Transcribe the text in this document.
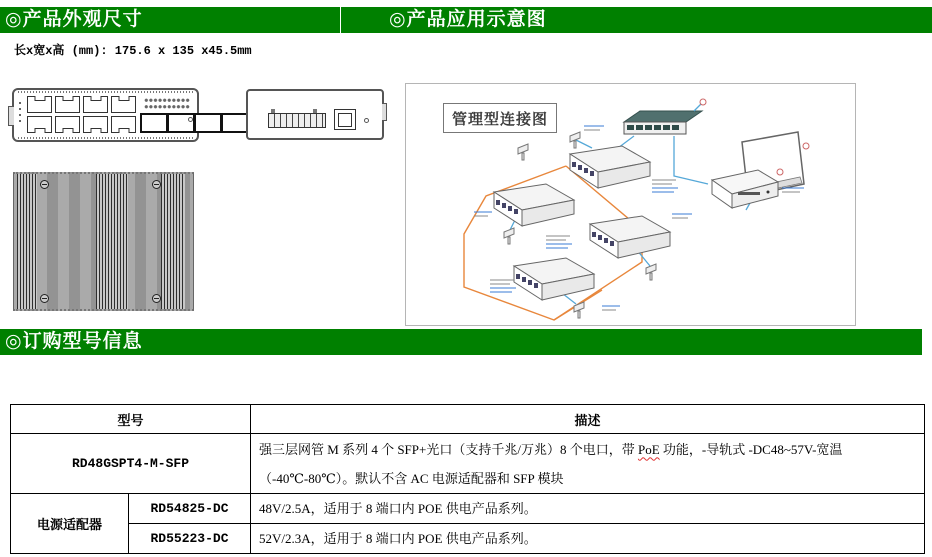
◎产品外观尺寸	◎产品应用示意图
◎订购型号信息
长x宽x高 (mm): 175.6 x 135 x45.5mm
管理型连接图
型号		描述
RD48GSPT4-M-SFP		强三层网管 M 系列 4 个 SFP+光口（支持千兆/万兆）8 个电口，带 PoE 功能，-导轨式 -DC48~57V-宽温（-40℃-80℃）。默认不含 AC 电源适配器和 SFP 模块
电源适配器	RD54825-DC	48V/2.5A，适用于 8 端口内 POE 供电产品系列。
	RD55223-DC	52V/2.3A，适用于 8 端口内 POE 供电产品系列。
